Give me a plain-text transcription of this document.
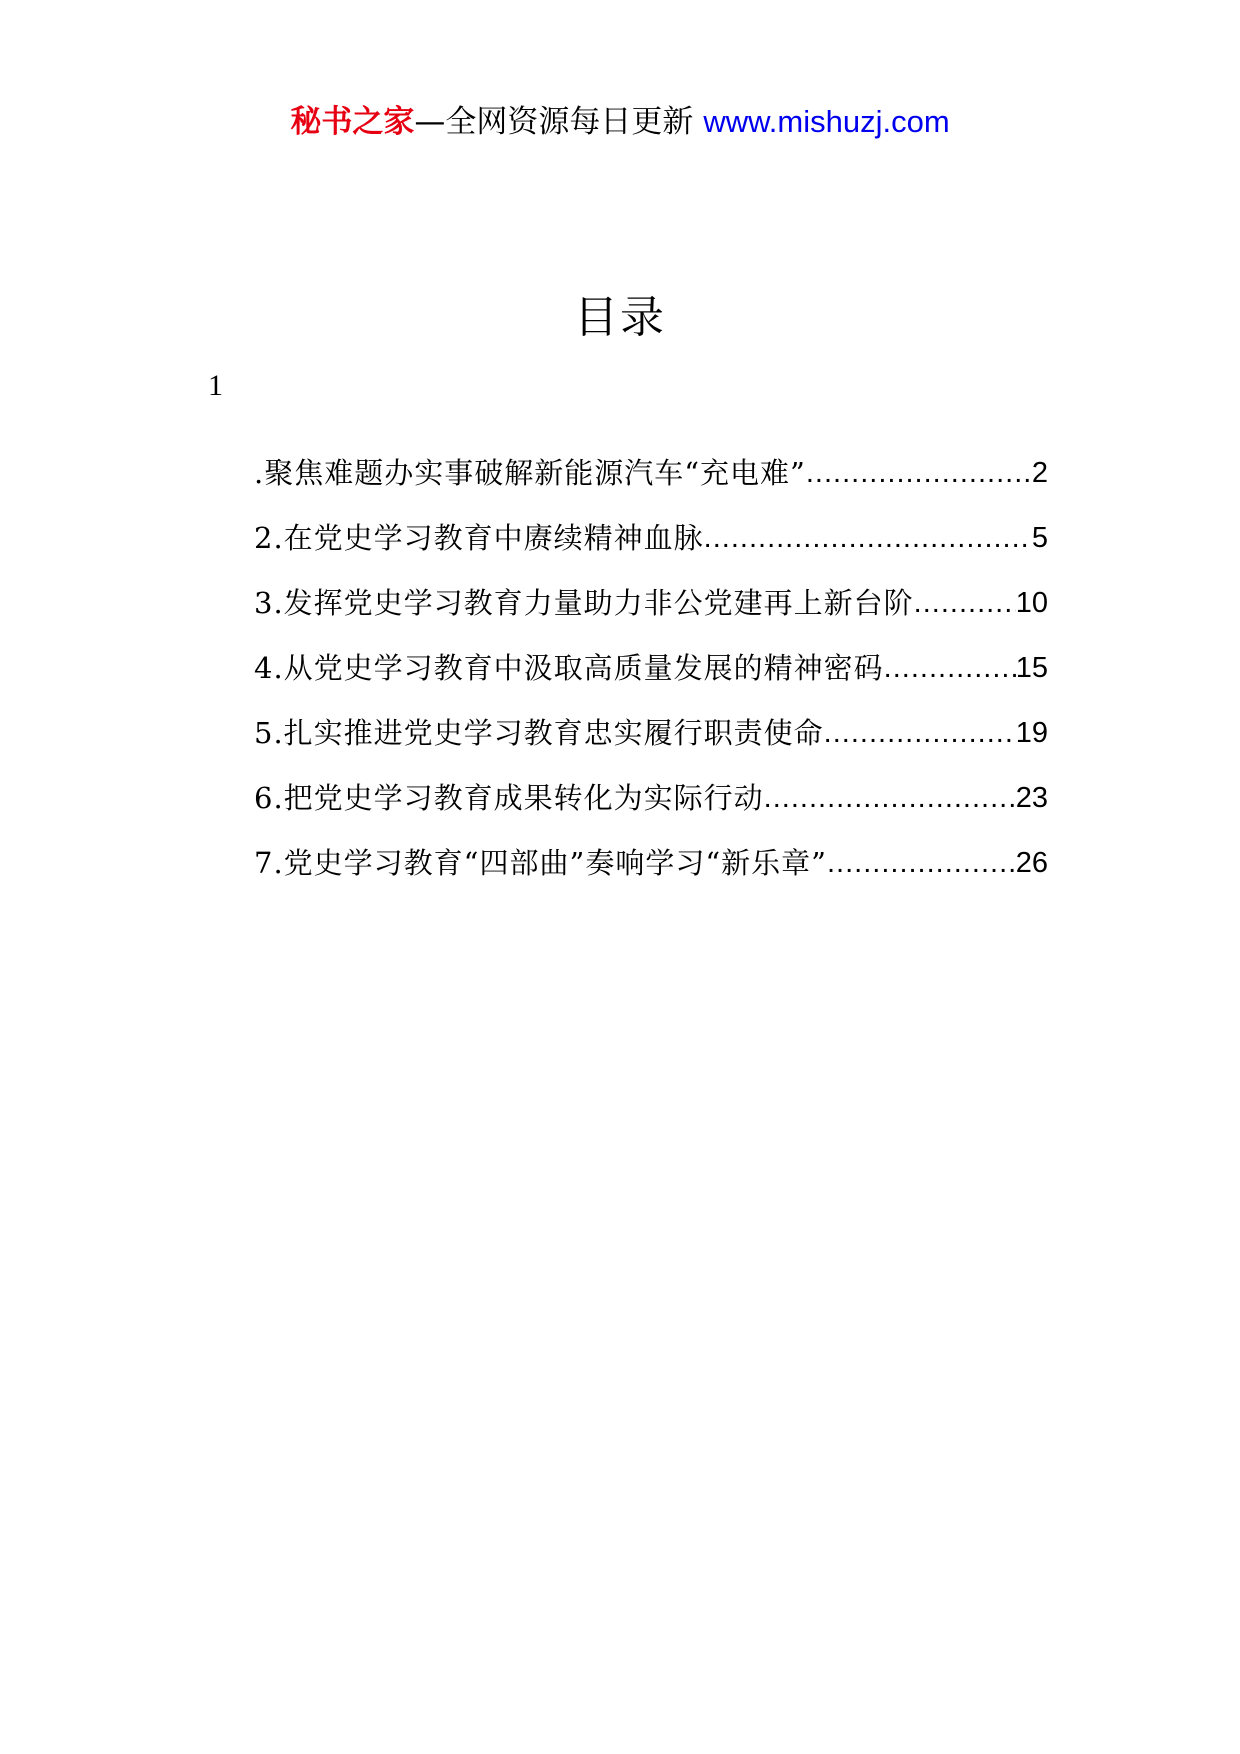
秘书之家—全网资源每日更新 www.mishuzj.com
目录
1
.聚焦难题办实事破解新能源汽车“充电难” .....	2
2.在党史学习教育中赓续精神血脉 .....	5
3.发挥党史学习教育力量助力非公党建再上新台阶 .....	10
4.从党史学习教育中汲取高质量发展的精神密码 .....	15
5.扎实推进党史学习教育忠实履行职责使命 .....	19
6.把党史学习教育成果转化为实际行动 .....	23
7.党史学习教育“四部曲”奏响学习“新乐章” .....	26
